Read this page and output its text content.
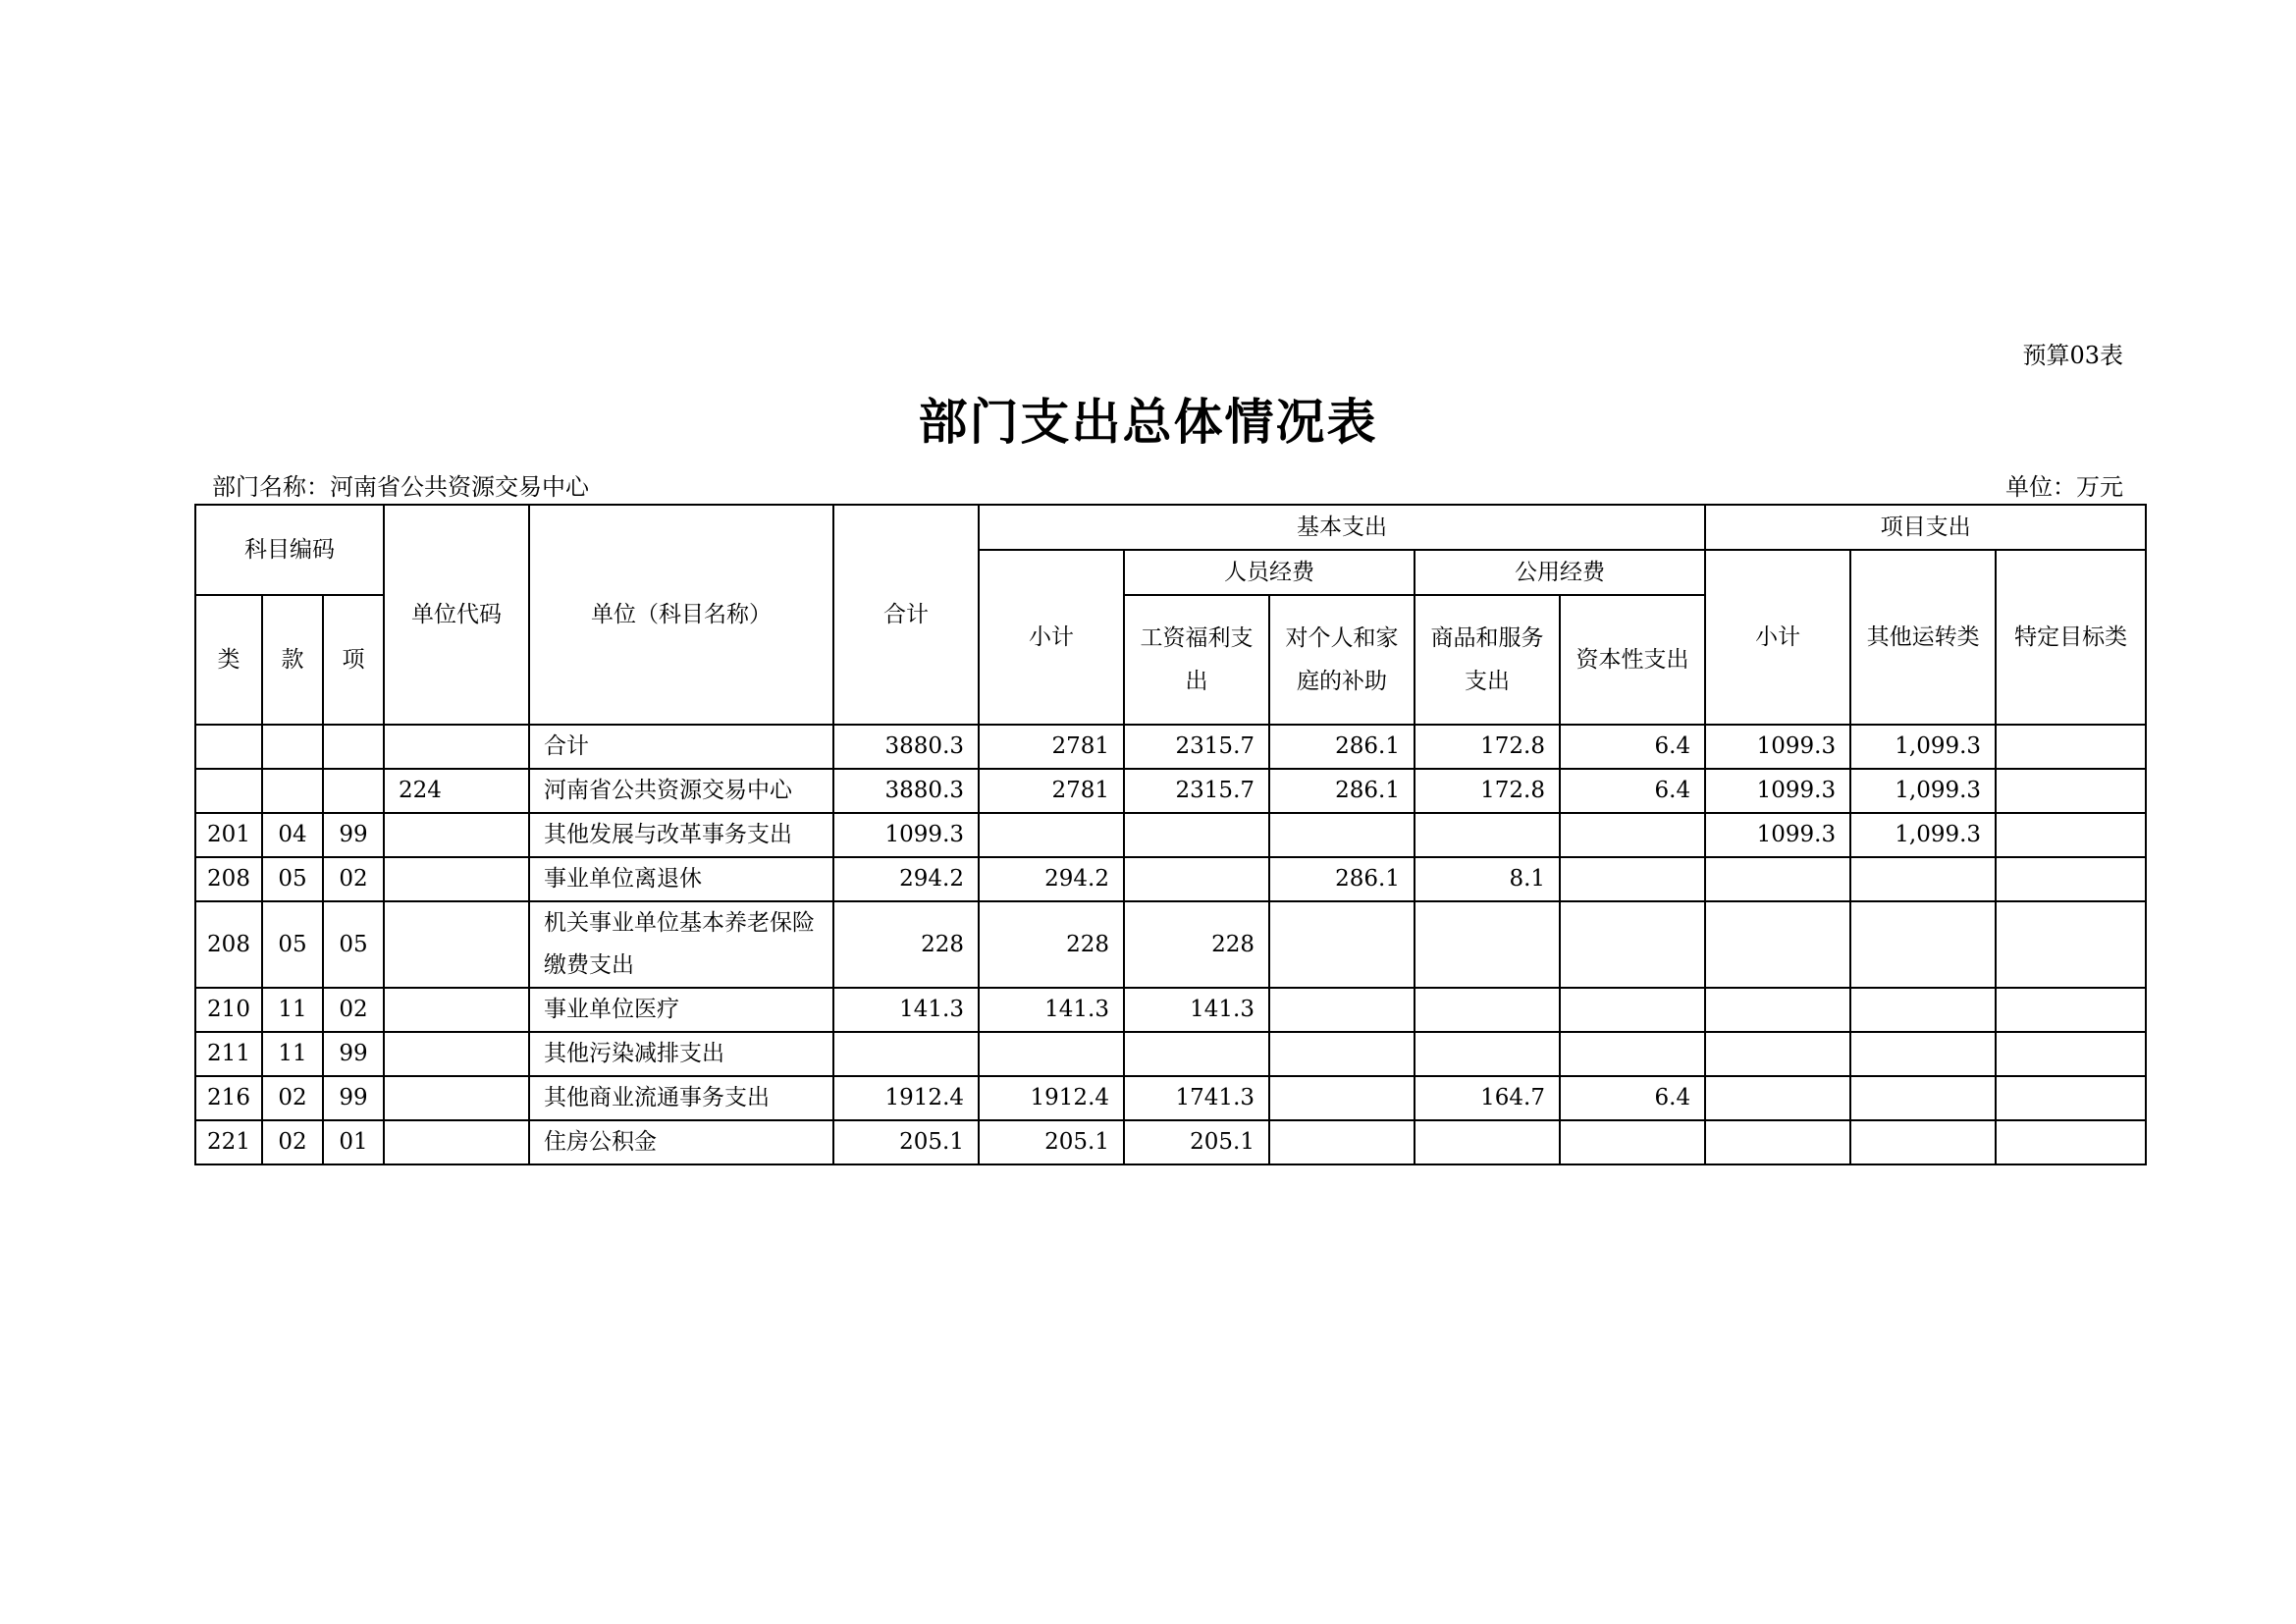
预算03表
部门支出总体情况表
部门名称：河南省公共资源交易中心	单位：万元
科目编码			单位代码	单位（科目名称）	合计	基本支出					项目支出		
						小计	人员经费		公用经费		小计	其他运转类	特定目标类
类	款	项					工资福利支出	对个人和家庭的补助	商品和服务支出	资本性支出			
				合计	3880.3	2781	2315.7	286.1	172.8	6.4	1099.3	1,099.3	
			224	河南省公共资源交易中心	3880.3	2781	2315.7	286.1	172.8	6.4	1099.3	1,099.3	
201	04	99		其他发展与改革事务支出	1099.3						1099.3	1,099.3	
208	05	02		事业单位离退休	294.2	294.2		286.1	8.1				
208	05	05		机关事业单位基本养老保险缴费支出	228	228	228						
210	11	02		事业单位医疗	141.3	141.3	141.3						
211	11	99		其他污染减排支出									
216	02	99		其他商业流通事务支出	1912.4	1912.4	1741.3		164.7	6.4			
221	02	01		住房公积金	205.1	205.1	205.1						
